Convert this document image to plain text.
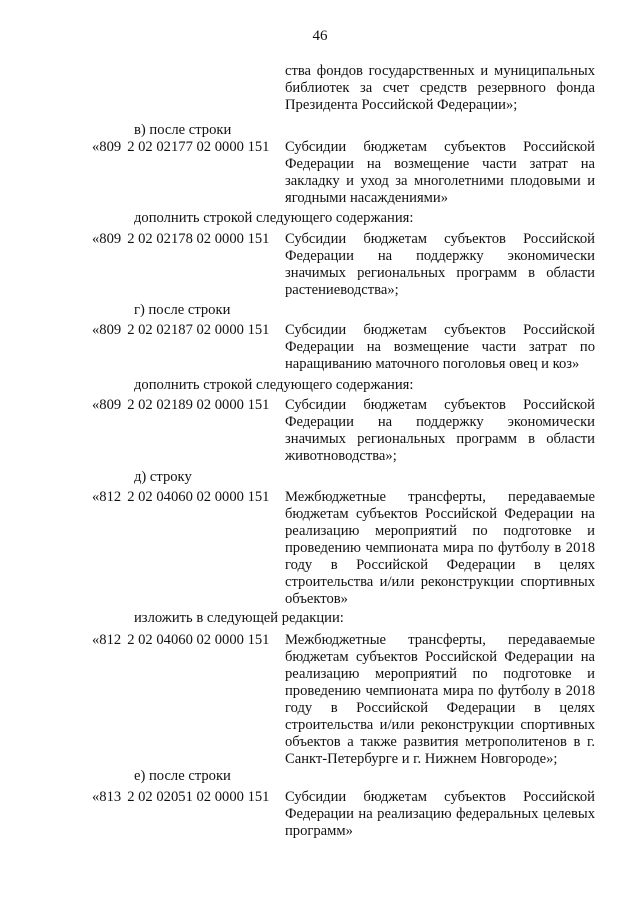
46
ства фондов государственных и муниципальных библиотек за счет средств резервного фонда Президента Российской Федерации»;
в) после строки
«809 2 02 02177 02 0000 151 Субсидии бюджетам субъектов Российской Федерации на возмещение части затрат на закладку и уход за многолетними плодовыми и ягодными насаждениями»
дополнить строкой следующего содержания:
«809 2 02 02178 02 0000 151 Субсидии бюджетам субъектов Российской Федерации на поддержку экономически значимых региональных программ в области растениеводства»;
г) после строки
«809 2 02 02187 02 0000 151 Субсидии бюджетам субъектов Российской Федерации на возмещение части затрат по наращиванию маточного поголовья овец и коз»
дополнить строкой следующего содержания:
«809 2 02 02189 02 0000 151 Субсидии бюджетам субъектов Российской Федерации на поддержку экономически значимых региональных программ в области животноводства»;
д) строку
«812 2 02 04060 02 0000 151 Межбюджетные трансферты, передаваемые бюджетам субъектов Российской Федерации на реализацию мероприятий по подготовке и проведению чемпионата мира по футболу в 2018 году в Российской Федерации в целях строительства и/или реконструкции спортивных объектов»
изложить в следующей редакции:
«812 2 02 04060 02 0000 151 Межбюджетные трансферты, передаваемые бюджетам субъектов Российской Федерации на реализацию мероприятий по подготовке и проведению чемпионата мира по футболу в 2018 году в Российской Федерации в целях строительства и/или реконструкции спортивных объектов а также развития метрополитенов в г. Санкт-Петербурге и г. Нижнем Новгороде»;
е) после строки
«813 2 02 02051 02 0000 151 Субсидии бюджетам субъектов Российской Федерации на реализацию федеральных целевых программ»
